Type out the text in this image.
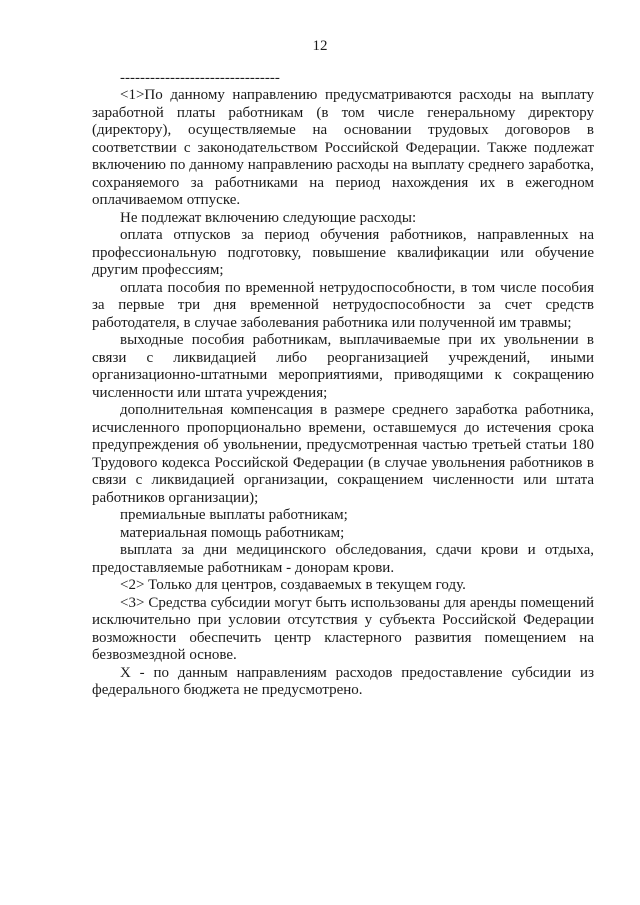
12
--------------------------------

<1>По данному направлению предусматриваются расходы на выплату заработной платы работникам (в том числе генеральному директору (директору), осуществляемые на основании трудовых договоров в соответствии с законодательством Российской Федерации. Также подлежат включению по данному направлению расходы на выплату среднего заработка, сохраняемого за работниками на период нахождения их в ежегодном оплачиваемом отпуске.

Не подлежат включению следующие расходы:

оплата отпусков за период обучения работников, направленных на профессиональную подготовку, повышение квалификации или обучение другим профессиям;

оплата пособия по временной нетрудоспособности, в том числе пособия за первые три дня временной нетрудоспособности за счет средств работодателя, в случае заболевания работника или полученной им травмы;

выходные пособия работникам, выплачиваемые при их увольнении в связи с ликвидацией либо реорганизацией учреждений, иными организационно-штатными мероприятиями, приводящими к сокращению численности или штата учреждения;

дополнительная компенсация в размере среднего заработка работника, исчисленного пропорционально времени, оставшемуся до истечения срока предупреждения об увольнении, предусмотренная частью третьей статьи 180 Трудового кодекса Российской Федерации (в случае увольнения работников в связи с ликвидацией организации, сокращением численности или штата работников организации);

премиальные выплаты работникам;

материальная помощь работникам;

выплата за дни медицинского обследования, сдачи крови и отдыха, предоставляемые работникам - донорам крови.

<2> Только для центров, создаваемых в текущем году.

<3> Средства субсидии могут быть использованы для аренды помещений исключительно при условии отсутствия у субъекта Российской Федерации возможности обеспечить центр кластерного развития помещением на безвозмездной основе.

Х - по данным направлениям расходов предоставление субсидии из федерального бюджета не предусмотрено.
